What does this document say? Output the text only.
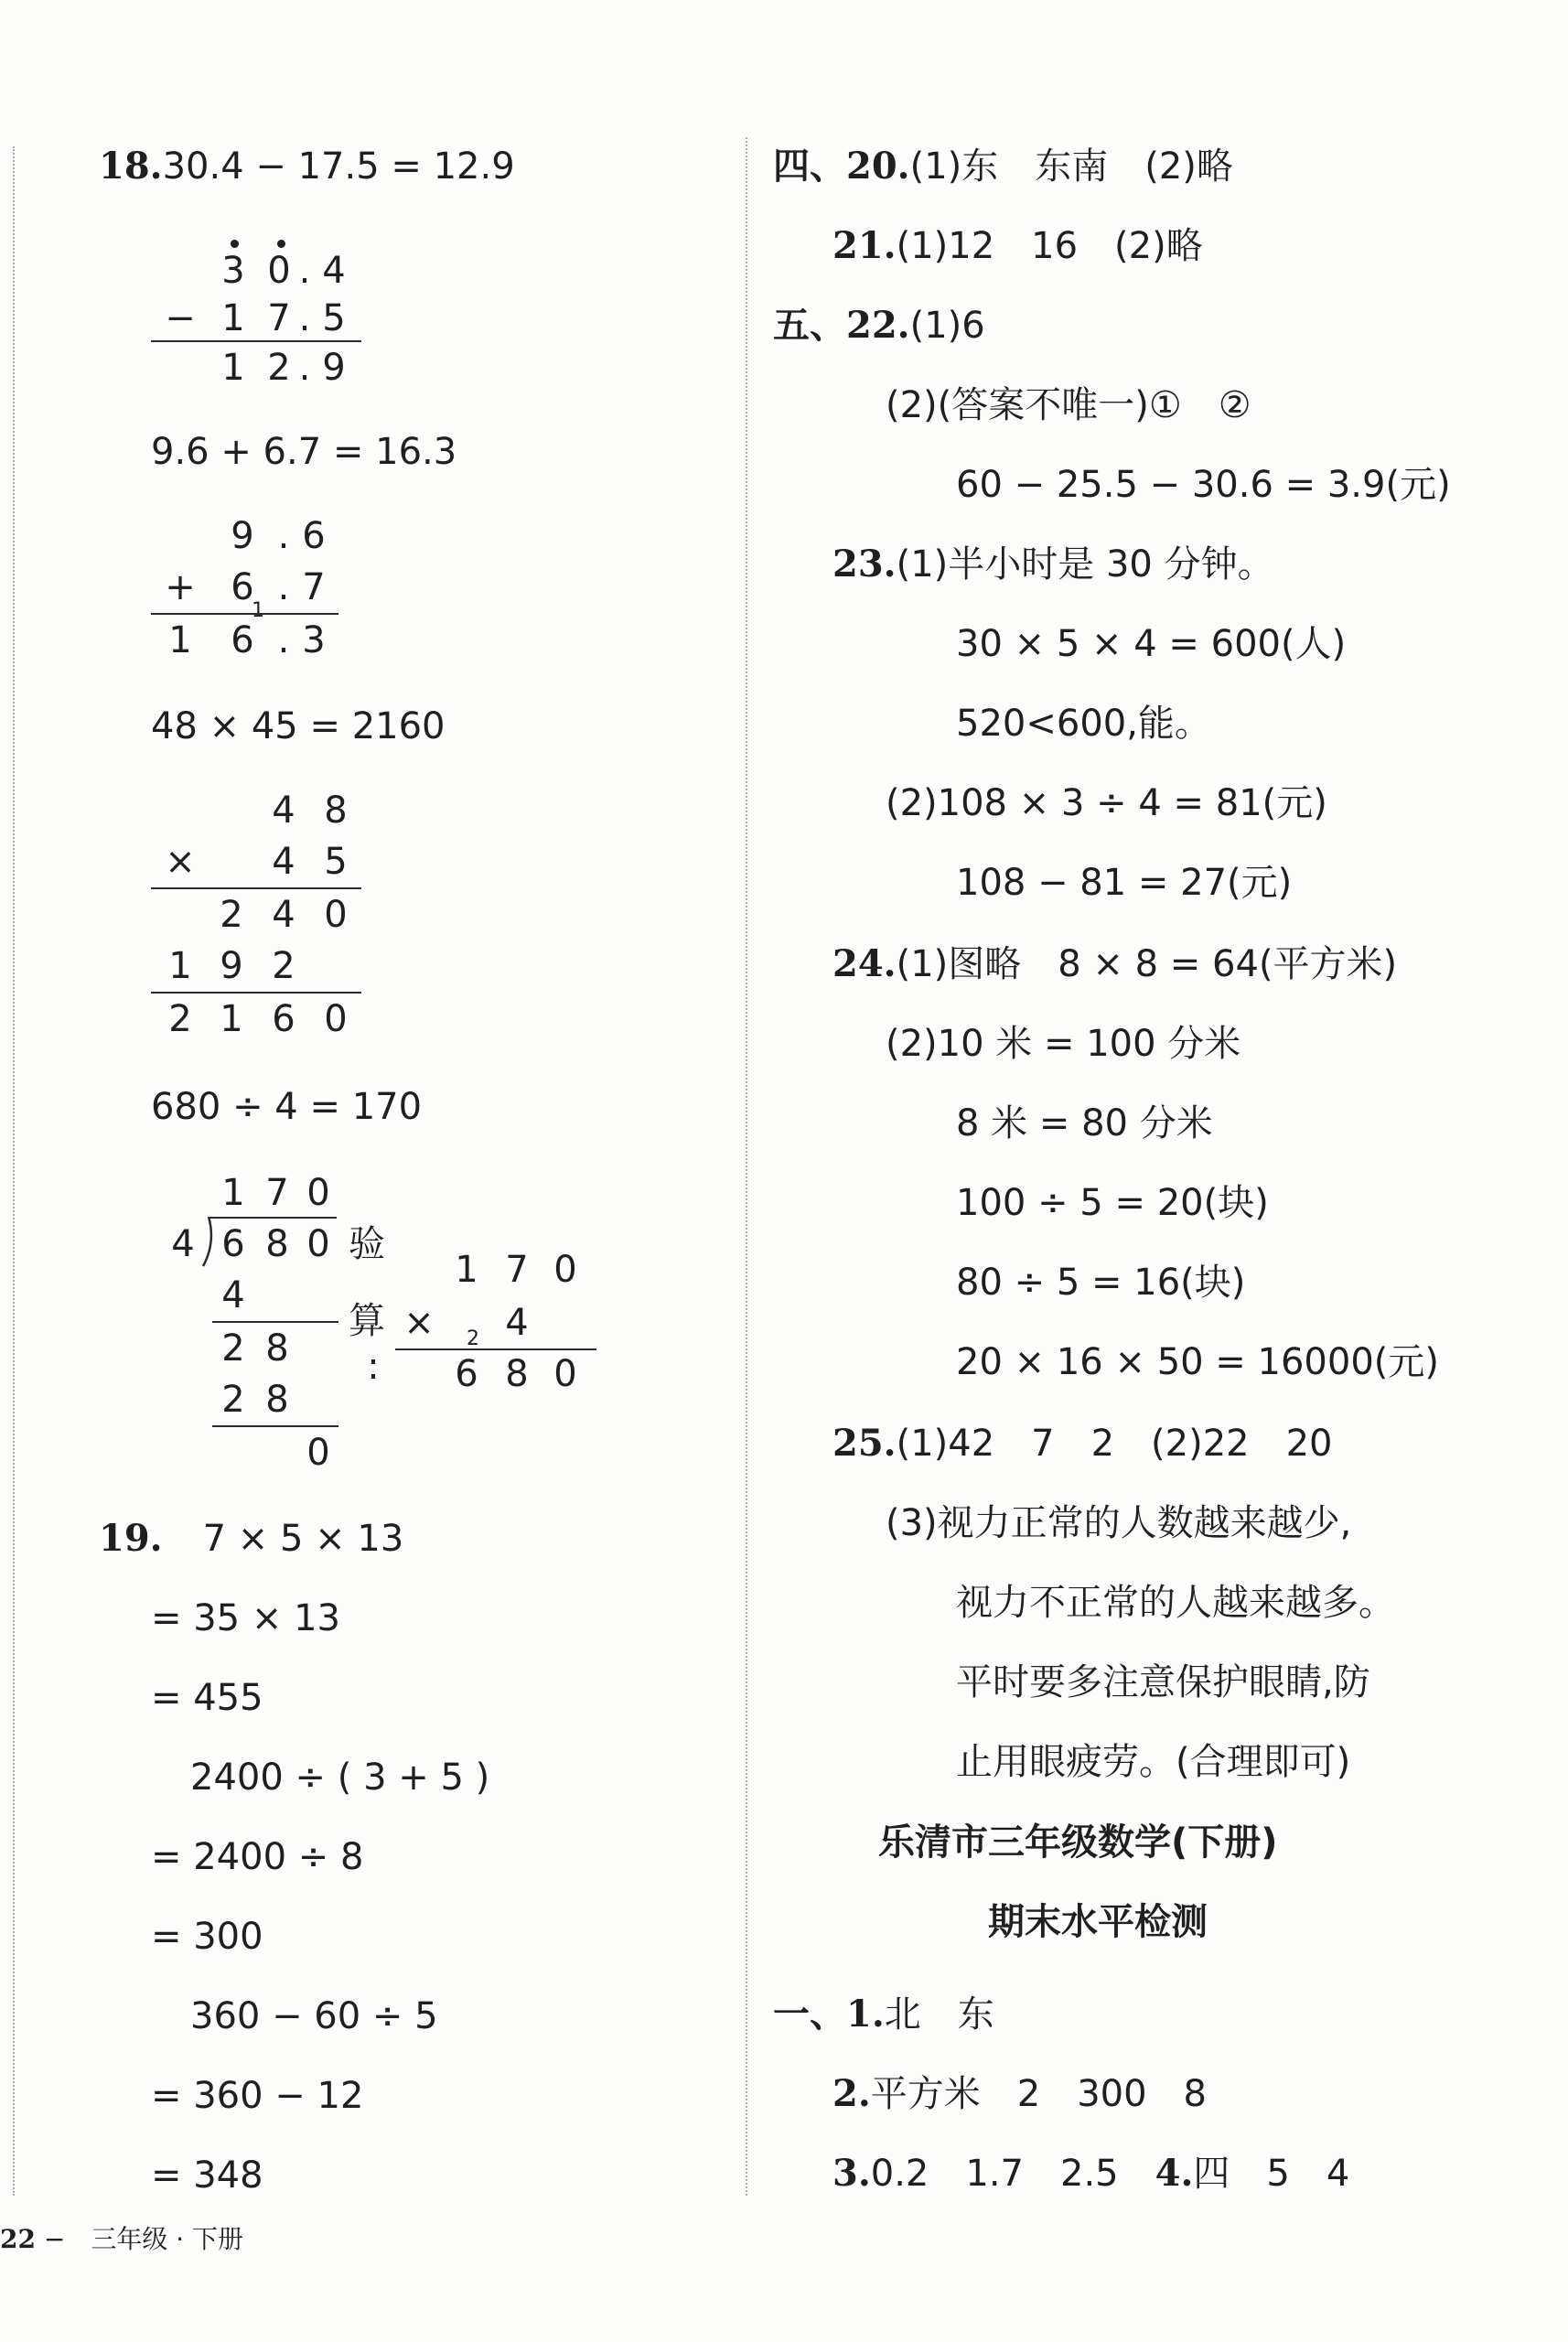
18.30.4 − 17.5 = 12.9
3 0 . 4
− 1 7 . 5
1 2 . 9
9.6 + 6.7 = 16.3
9 . 6
+ 6
1
. 7
1 6 . 3
48 × 45 = 2160
4 8
× 4 5
2 4 0
1 9 2
2 1 6 0
680 ÷ 4 = 170
1 7 0
4 6 8 0
4
2 8
2 8
0
验
算
:
1 7 0
× 2 4
6 8 0
19. 7 × 5 × 13
= 35 × 13
= 455
2400 ÷ ( 3 + 5 )
= 2400 ÷ 8
= 300
360 − 60 ÷ 5
= 360 − 12
= 348
四、20.(1)东　东南　(2)略
21.(1)12　16　(2)略
五、22.(1)6
(2)(答案不唯一)①　②
60 − 25.5 − 30.6 = 3.9(元)
23.(1)半小时是 30 分钟。
30 × 5 × 4 = 600(人)
520<600,能。
(2)108 × 3 ÷ 4 = 81(元)
108 − 81 = 27(元)
24.(1)图略　8 × 8 = 64(平方米)
(2)10 米 = 100 分米
8 米 = 80 分米
100 ÷ 5 = 20(块)
80 ÷ 5 = 16(块)
20 × 16 × 50 = 16000(元)
25.(1)42　7　2　(2)22　20
(3)视力正常的人数越来越少,
视力不正常的人越来越多。
平时要多注意保护眼睛,防
止用眼疲劳。(合理即可)
乐清市三年级数学(下册)
期末水平检测
一、1.北　东
2.平方米　2　300　8
3.0.2　1.7　2.5　4.四　5　4
22 −　 三年级 · 下册
